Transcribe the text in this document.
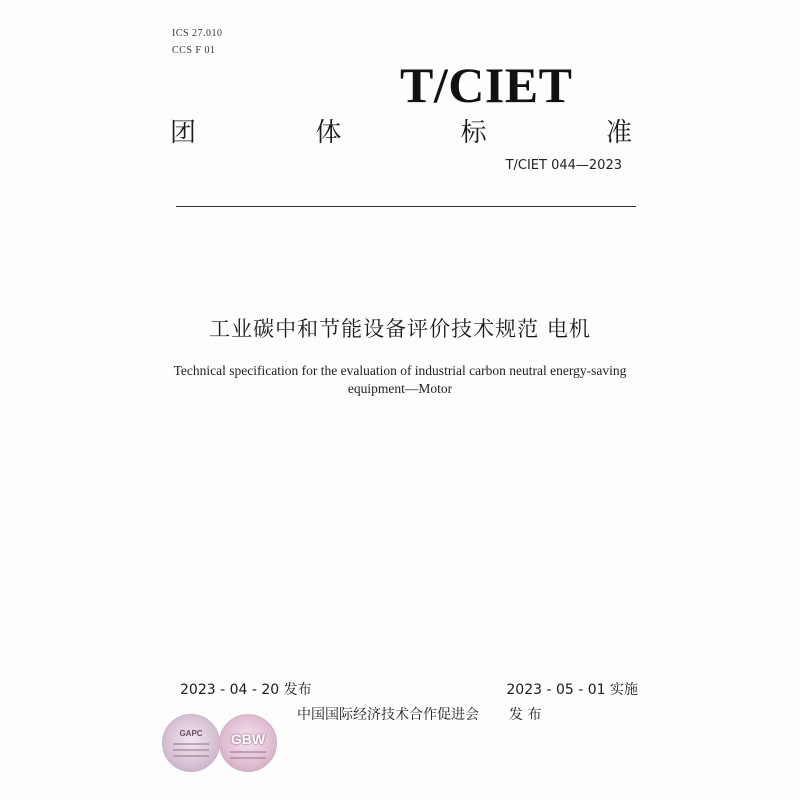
ICS 27.010
CCS F 01
T/CIET
团	体	标	准
T/CIET 044—2023
工业碳中和节能设备评价技术规范 电机
Technical specification for the evaluation of industrial carbon neutral energy-saving
equipment—Motor
2023 - 04 - 20 发布	2023 - 05 - 01 实施
中国国际经济技术合作促进会 发 布
GAPC	GBW
